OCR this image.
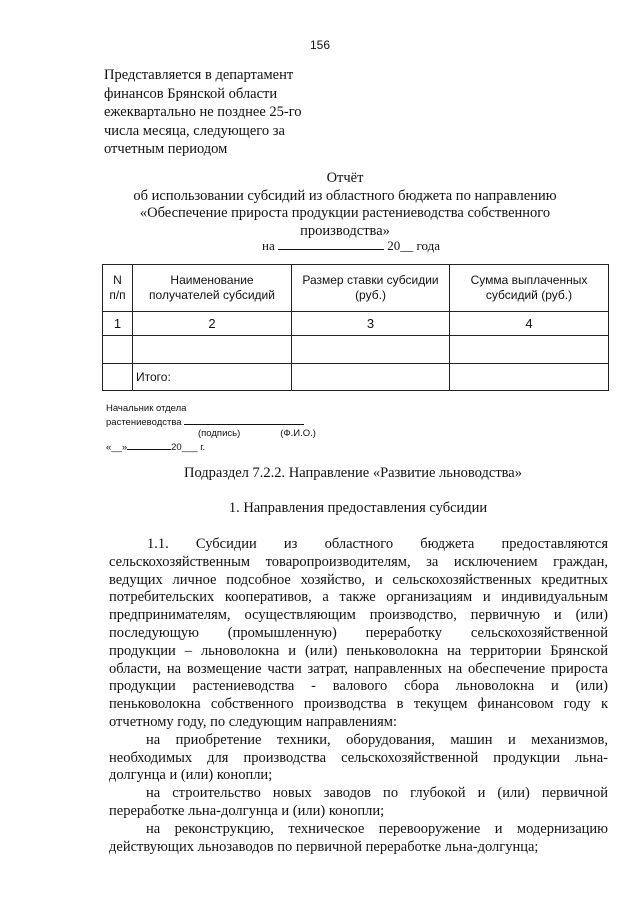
156
Представляется в департамент
финансов Брянской области
ежеквартально не позднее 25-го
числа месяца, следующего за
отчетным периодом
Отчёт
об использовании субсидий из областного бюджета по направлению
«Обеспечение прироста продукции растениеводства собственного
производства»
на	20__ года
N п/п	Наименование получателей субсидий	Размер ставки субсидии (руб.)	Сумма выплаченных субсидий (руб.)
1	2	3	4

	Итого:		
Начальник отдела
растениеводства
(подпись)	(Ф.И.О.)
«__»	20___ г.
Подраздел 7.2.2. Направление «Развитие льноводства»
1. Направления предоставления субсидии
1.1. Субсидии из областного бюджета предоставляются
сельскохозяйственным товаропроизводителям, за исключением граждан,
ведущих личное подсобное хозяйство, и сельскохозяйственных кредитных
потребительских кооперативов, а также организациям и индивидуальным
предпринимателям, осуществляющим производство, первичную и (или)
последующую (промышленную) переработку сельскохозяйственной
продукции – льноволокна и (или) пеньковолокна на территории Брянской
области, на возмещение части затрат, направленных на обеспечение прироста
продукции растениеводства - валового сбора льноволокна и (или)
пеньковолокна собственного производства в текущем финансовом году к
отчетному году, по следующим направлениям:
на приобретение техники, оборудования, машин и механизмов,
необходимых для производства сельскохозяйственной продукции льна-
долгунца и (или) конопли;
на строительство новых заводов по глубокой и (или) первичной
переработке льна-долгунца и (или) конопли;
на реконструкцию, техническое перевооружение и модернизацию
действующих льнозаводов по первичной переработке льна-долгунца;
